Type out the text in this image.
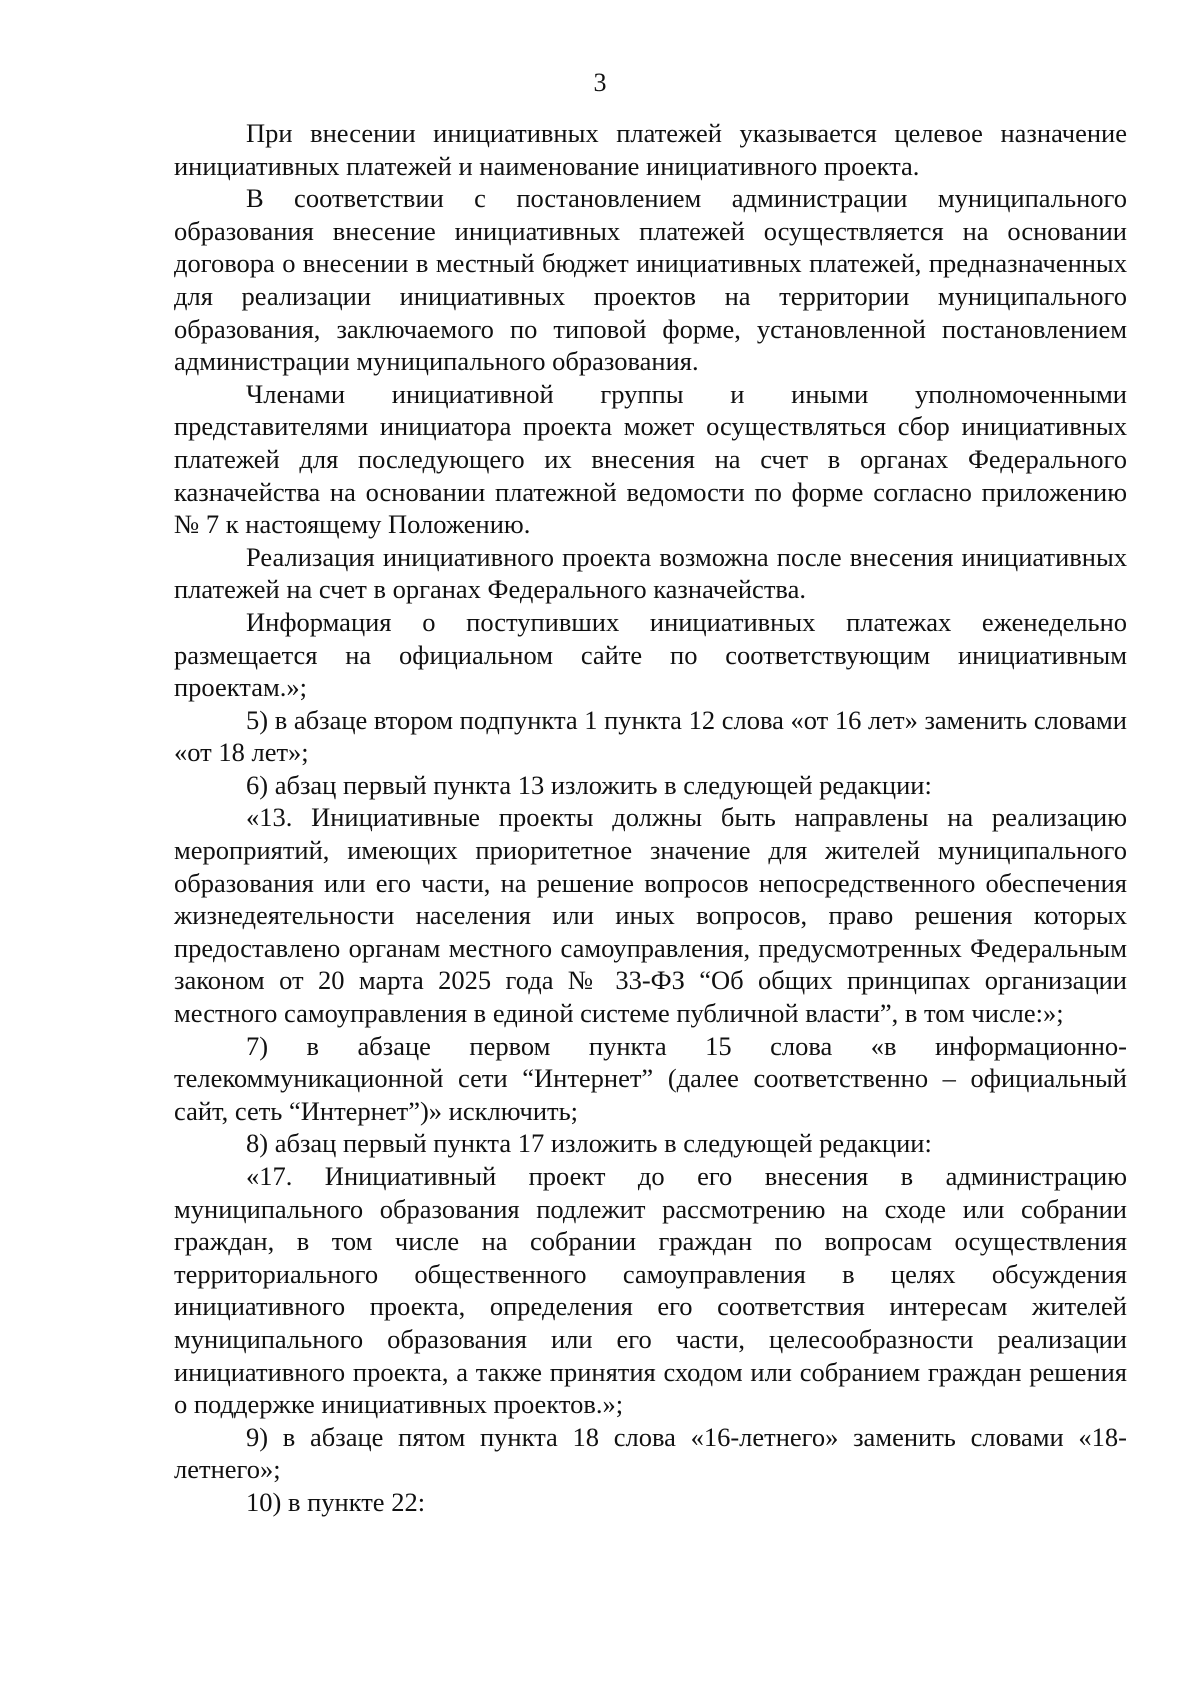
3

При внесении инициативных платежей указывается целевое назначение инициативных платежей и наименование инициативного проекта.

В соответствии с постановлением администрации муниципального образования внесение инициативных платежей осуществляется на основании договора о внесении в местный бюджет инициативных платежей, предназначенных для реализации инициативных проектов на территории муниципального образования, заключаемого по типовой форме, установленной постановлением администрации муниципального образования.

Членами инициативной группы и иными уполномоченными представителями инициатора проекта может осуществляться сбор инициативных платежей для последующего их внесения на счет в органах Федерального казначейства на основании платежной ведомости по форме согласно приложению № 7 к настоящему Положению.

Реализация инициативного проекта возможна после внесения инициативных платежей на счет в органах Федерального казначейства.

Информация о поступивших инициативных платежах еженедельно размещается на официальном сайте по соответствующим инициативным проектам.»;

5) в абзаце втором подпункта 1 пункта 12 слова «от 16 лет» заменить словами «от 18 лет»;

6) абзац первый пункта 13 изложить в следующей редакции:

«13. Инициативные проекты должны быть направлены на реализацию мероприятий, имеющих приоритетное значение для жителей муниципального образования или его части, на решение вопросов непосредственного обеспечения жизнедеятельности населения или иных вопросов, право решения которых предоставлено органам местного самоуправления, предусмотренных Федеральным законом от 20 марта 2025 года № 33-ФЗ “Об общих принципах организации местного самоуправления в единой системе публичной власти”, в том числе:»;

7) в абзаце первом пункта 15 слова «в информационно-телекоммуникационной сети “Интернет” (далее соответственно – официальный сайт, сеть “Интернет”)» исключить;

8) абзац первый пункта 17 изложить в следующей редакции:

«17. Инициативный проект до его внесения в администрацию муниципального образования подлежит рассмотрению на сходе или собрании граждан, в том числе на собрании граждан по вопросам осуществления территориального общественного самоуправления в целях обсуждения инициативного проекта, определения его соответствия интересам жителей муниципального образования или его части, целесообразности реализации инициативного проекта, а также принятия сходом или собранием граждан решения о поддержке инициативных проектов.»;

9) в абзаце пятом пункта 18 слова «16-летнего» заменить словами «18-летнего»;

10) в пункте 22:
